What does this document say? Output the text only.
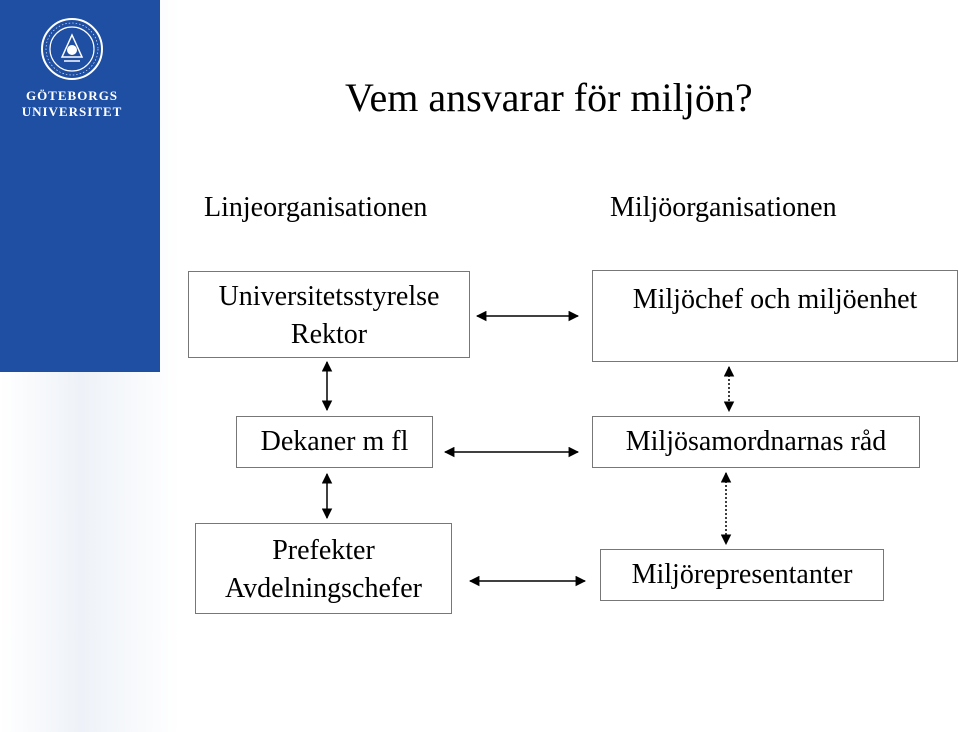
GÖTEBORGS
UNIVERSITET	Vem ansvarar för miljön?
Linjeorganisationen	Miljöorganisationen
Universitetsstyrelse
Rektor
Dekaner m fl
Prefekter
Avdelningschefer
Miljöchef och miljöenhet
Miljösamordnarnas råd
Miljörepresentanter
